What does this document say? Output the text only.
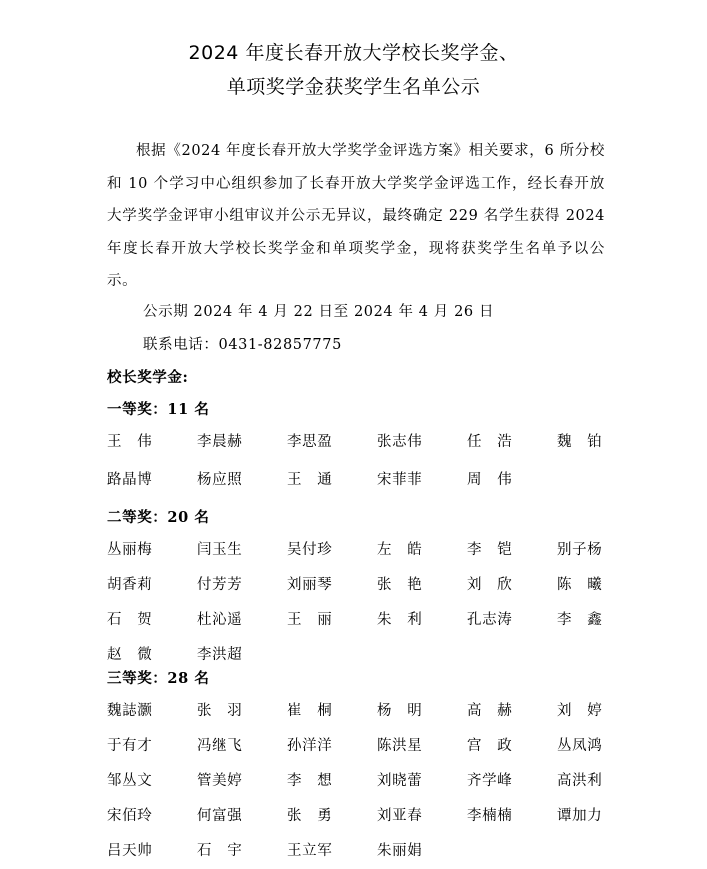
2024 年度长春开放大学校长奖学金、
单项奖学金获奖学生名单公示
根据《2024 年度长春开放大学奖学金评选方案》相关要求，6 所分校和 10 个学习中心组织参加了长春开放大学奖学金评选工作，经长春开放大学奖学金评审小组审议并公示无异议，最终确定 229 名学生获得 2024 年度长春开放大学校长奖学金和单项奖学金，现将获奖学生名单予以公示。
公示期 2024 年 4 月 22 日至 2024 年 4 月 26 日
联系电话：0431-82857775
校长奖学金:
一等奖：11 名
王　伟	李晨赫	李思盈	张志伟	任　浩	魏　铂
路晶博	杨应照	王　通	宋菲菲	周　伟
二等奖：20 名
丛丽梅	闫玉生	吴付珍	左　皓	李　铠	别子杨
胡香莉	付芳芳	刘丽琴	张　艳	刘　欣	陈　曦
石　贺	杜沁遥	王　丽	朱　利	孔志涛	李　鑫
赵　微	李洪超
三等奖：28 名
魏誌灏	张　羽	崔　桐	杨　明	高　赫	刘　婷
于有才	冯继飞	孙洋洋	陈洪星	宫　政	丛凤鸿
邹丛文	管美婷	李　想	刘晓蕾	齐学峰	高洪利
宋佰玲	何富强	张　勇	刘亚春	李楠楠	谭加力
吕天帅	石　宇	王立军	朱丽娟
